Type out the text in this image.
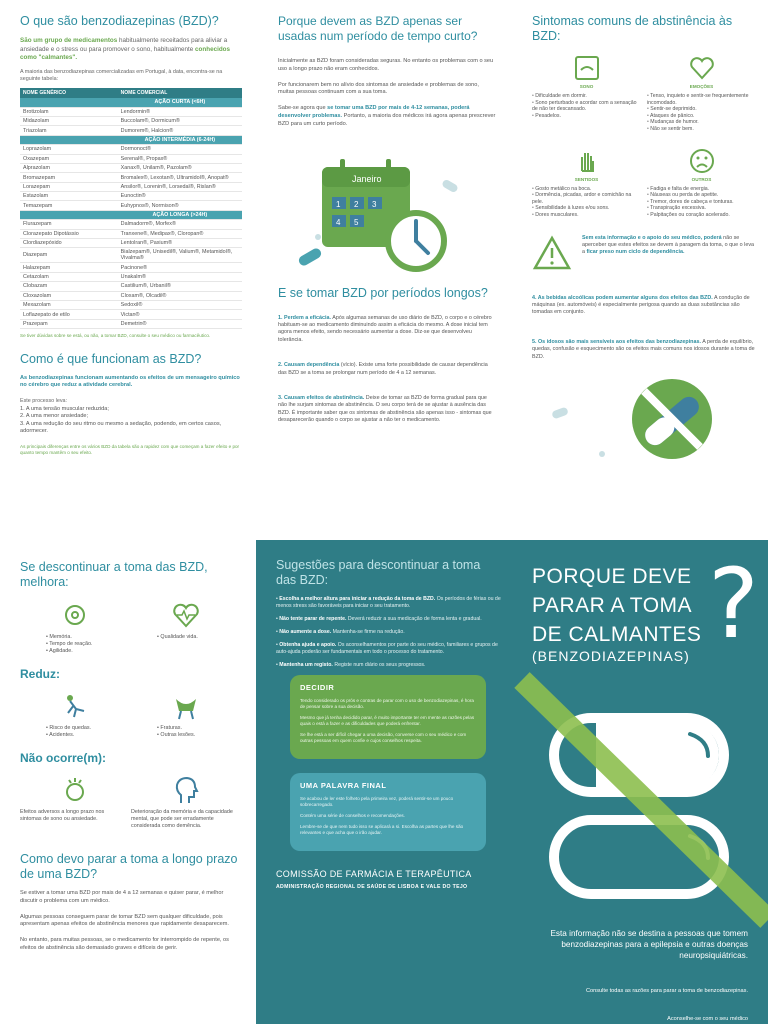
O que são benzodiazepinas (BZD)?

São um grupo de medicamentos habitualmente receitados para aliviar a ansiedade e o stress ou para promover o sono, habitualmente conhecidos como "calmantes".

A maioria das benzodiazepinas comercializadas em Portugal, à data, encontra-se na seguinte tabela:

NOME GENÉRICO	NOME COMERCIAL
	AÇÃO CURTA (<6H)
Brotizolam	Lendormin®
Midazolam	Buccolam®, Dormicum®
Triazolam	Dumorem®, Halcion®
	AÇÃO INTERMÉDIA (6-24H)
Loprazolam	Dormonoct®
Oxazepam	Serenal®, Propax®
Alprazolam	Xanax®, Unilam®, Pazolam®
Bromazepam	Bromalex®, Lexotan®, Ultramidol®, Anopat®
Lorazepam	Ansilor®, Lorenin®, Lorsedal®, Rislan®
Estazolam	Eunoctin®
Temazepam	Euhypnos®, Normison®
	AÇÃO LONGA (>24H)
Flurazepam	Dalmadorm®, Morfex®
Clorazepato Dipotássio	Tranxene®, Medipax®, Cloropan®
Clordiazepóxido	Lentolran®, Paxium®
Diazepam	Bialzepam®, Unisedil®, Valium®, Metamidol®, Vivalma®
Halazepam	Pacinone®
Cetazolam	Unakalm®
Clobazam	Castilium®, Urbanil®
Cloxazolam	Cloxam®, Olcadil®
Mexazolam	Sedoxil®
Loflazepato de etilo	Victan®
Prazepam	Demetrin®

Se tiver dúvidas sobre se está, ou não, a tomar BZD, consulte o seu médico ou farmacêutico.

Como é que funcionam as BZD?

As benzodiazepinas funcionam aumentando os efeitos de um mensageiro químico no cérebro que reduz a atividade cerebral.

Este processo leva:

1. A uma tensão muscular reduzida;
2. A uma menor ansiedade;
3. A uma redução do seu ritmo ou mesmo a sedação, podendo, em certos casos, adormecer.

As principais diferenças entre os vários BZD da tabela são a rapidez com que começam a fazer efeito e por quanto tempo mantêm o seu efeito.

Porque devem as BZD apenas ser usadas num período de tempo curto?

Inicialmente as BZD foram consideradas seguras. No entanto os problemas com o seu uso a longo prazo não eram conhecidos.

Por funcionarem bem no alívio dos sintomas de ansiedade e problemas de sono, muitas pessoas continuam com a sua toma.

Sabe-se agora que se tomar uma BZD por mais de 4-12 semanas, poderá desenvolver problemas. Portanto, a maioria dos médicos irá agora apenas prescrever BZD para um curto período.

Janeiro
1 2 3
4 5
E se tomar BZD por períodos longos?

1. Perdem a eficácia. Após algumas semanas de uso diário de BZD, o corpo e o cérebro habituam-se ao medicamento diminuindo assim a eficácia do mesmo. A dose inicial tem agora menos efeito, sendo necessário aumentar a dose. Diz-se que desenvolveu tolerância.

2. Causam dependência (vício). Existe uma forte possibilidade de causar dependência das BZD se a toma se prolongar num período de 4 a 12 semanas.

3. Causam efeitos de abstinência. Deixe de tomar as BZD de forma gradual para que não lhe surjam sintomas de abstinência. O seu corpo terá de se ajustar à ausência das BZD. É importante saber que os sintomas de abstinência são apenas isso - sintomas que desaparecerão quando o corpo se ajustar a não ter o medicamento.

Sintomas comuns de abstinência às BZD:
SONO
• Dificuldade em dormir.
• Sono perturbado e acordar com a sensação de não ter descansado.
• Pesadelos.
EMOÇÕES
• Tenso, inquieto e sentir-se frequentemente incomodado.
• Sentir-se deprimido.
• Ataques de pânico.
• Mudanças de humor.
• Não se sentir bem.
SENTIDOS
• Gosto metálico na boca.
• Dormência, picadas, ardor e comichão na pele.
• Sensibilidade à luzes e/ou sons.
• Dores musculares.
OUTROS
• Fadiga e falta de energia.
• Náuseas ou perda de apetite.
• Tremor, dores de cabeça e tonturas.
• Transpiração excessiva.
• Palpitações ou coração acelerado.

Sem esta informação e o apoio do seu médico, poderá não se aperceber que estes efeitos se devem à paragem da toma, o que o leva a ficar preso num ciclo de dependência.

4. As bebidas alcoólicas podem aumentar alguns dos efeitos das BZD. A condução de máquinas (ex. automóveis) é especialmente perigosa quando as duas substâncias são tomadas em conjunto.

5. Os idosos são mais sensíveis aos efeitos das benzodiazepinas. A perda de equilíbrio, quedas, confusão e esquecimento são os efeitos mais comuns nos idosos durante a toma de BZD.

Se descontinuar a toma das BZD, melhora:
• Memória.
• Tempo de reação.
• Agilidade.
• Qualidade vida.
Reduz:
• Risco de quedas.
• Acidentes.
• Fraturas.
• Outras lesões.
Não ocorre(m):

Efeitos adversos a longo prazo nos sintomas de sono ou ansiedade.

Deterioração da memória e da capacidade mental, que pode ser erradamente considerada como demência.

Como devo parar a toma a longo prazo de uma BZD?

Se estiver a tomar uma BZD por mais de 4 a 12 semanas e quiser parar, é melhor discutir o problema com um médico.

Algumas pessoas conseguem parar de tomar BZD sem qualquer dificuldade, pois apresentam apenas efeitos de abstinência menores que rapidamente desaparecem.

No entanto, para muitas pessoas, se o medicamento for interrompido de repente, os efeitos de abstinência são demasiado graves e difíceis de gerir.

Sugestões para descontinuar a toma das BZD:
• Escolha a melhor altura para iniciar a redução da toma de BZD. Os períodos de férias ou de menos stress são favoráveis para iniciar o seu tratamento.
• Não tente parar de repente. Deverá reduzir a sua medicação de forma lenta e gradual.
• Não aumente a dose. Mantenha-se firme na redução.
• Obtenha ajuda e apoio. Os aconselhamentos por parte do seu médico, familiares e grupos de auto-ajuda poderão ser fundamentais em todo o processo do tratamento.
• Mantenha um registo. Registe num diário os seus progressos.
DECIDIR

Tendo considerado os prós e contras de parar com o uso de benzodiazepinas, é hora de pensar sobre a sua decisão.

Mesmo que já tenha decidido parar, é muito importante ter em mente as razões pelas quais o está a fazer e as dificuldades que poderá enfrentar.

Se lhe está a ser difícil chegar a uma decisão, converse com o seu médico e com outras pessoas em quem confie e cujos conselhos respeita.

UMA PALAVRA FINAL

Se acabou de ler este folheto pela primeira vez, poderá sentir-se um pouco sobrecarregado.

Contém uma série de conselhos e recomendações.

Lembre-se de que nem tudo isso se aplicará a si. Escolha as partes que lhe são relevantes e que acha que o irão ajudar.

COMISSÃO DE FARMÁCIA E TERAPÊUTICA
ADMINISTRAÇÃO REGIONAL DE SAÚDE DE LISBOA E VALE DO TEJO
PORQUE DEVE
PARAR A TOMA
DE CALMANTES
(BENZODIAZEPINAS) ?

Esta informação não se destina a pessoas que tomem benzodiazepinas para a epilepsia e outras doenças neuropsiquiátricas.

Consulte todas as razões para parar a toma de benzodiazepinas.

Aconselhe-se com o seu médico
